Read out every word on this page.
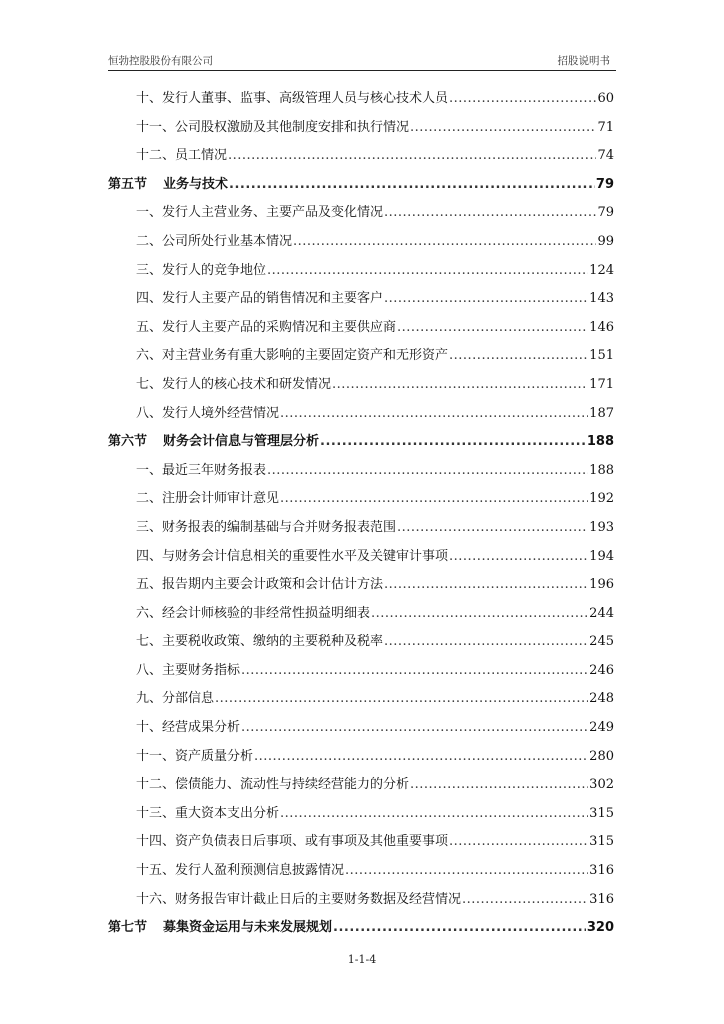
恒勃控股股份有限公司	招股说明书
十、发行人董事、监事、高级管理人员与核心技术人员 .....	60
十一、公司股权激励及其他制度安排和执行情况 .....	71
十二、员工情况 .....	74
第五节 业务与技术 .....	79
一、发行人主营业务、主要产品及变化情况 .....	79
二、公司所处行业基本情况 .....	99
三、发行人的竞争地位 .....	124
四、发行人主要产品的销售情况和主要客户 .....	143
五、发行人主要产品的采购情况和主要供应商 .....	146
六、对主营业务有重大影响的主要固定资产和无形资产 .....	151
七、发行人的核心技术和研发情况 .....	171
八、发行人境外经营情况 .....	187
第六节 财务会计信息与管理层分析 .....	188
一、最近三年财务报表 .....	188
二、注册会计师审计意见 .....	192
三、财务报表的编制基础与合并财务报表范围 .....	193
四、与财务会计信息相关的重要性水平及关键审计事项 .....	194
五、报告期内主要会计政策和会计估计方法 .....	196
六、经会计师核验的非经常性损益明细表 .....	244
七、主要税收政策、缴纳的主要税种及税率 .....	245
八、主要财务指标 .....	246
九、分部信息 .....	248
十、经营成果分析 .....	249
十一、资产质量分析 .....	280
十二、偿债能力、流动性与持续经营能力的分析 .....	302
十三、重大资本支出分析 .....	315
十四、资产负债表日后事项、或有事项及其他重要事项 .....	315
十五、发行人盈利预测信息披露情况 .....	316
十六、财务报告审计截止日后的主要财务数据及经营情况 .....	316
第七节 募集资金运用与未来发展规划 .....	320
1-1-4
